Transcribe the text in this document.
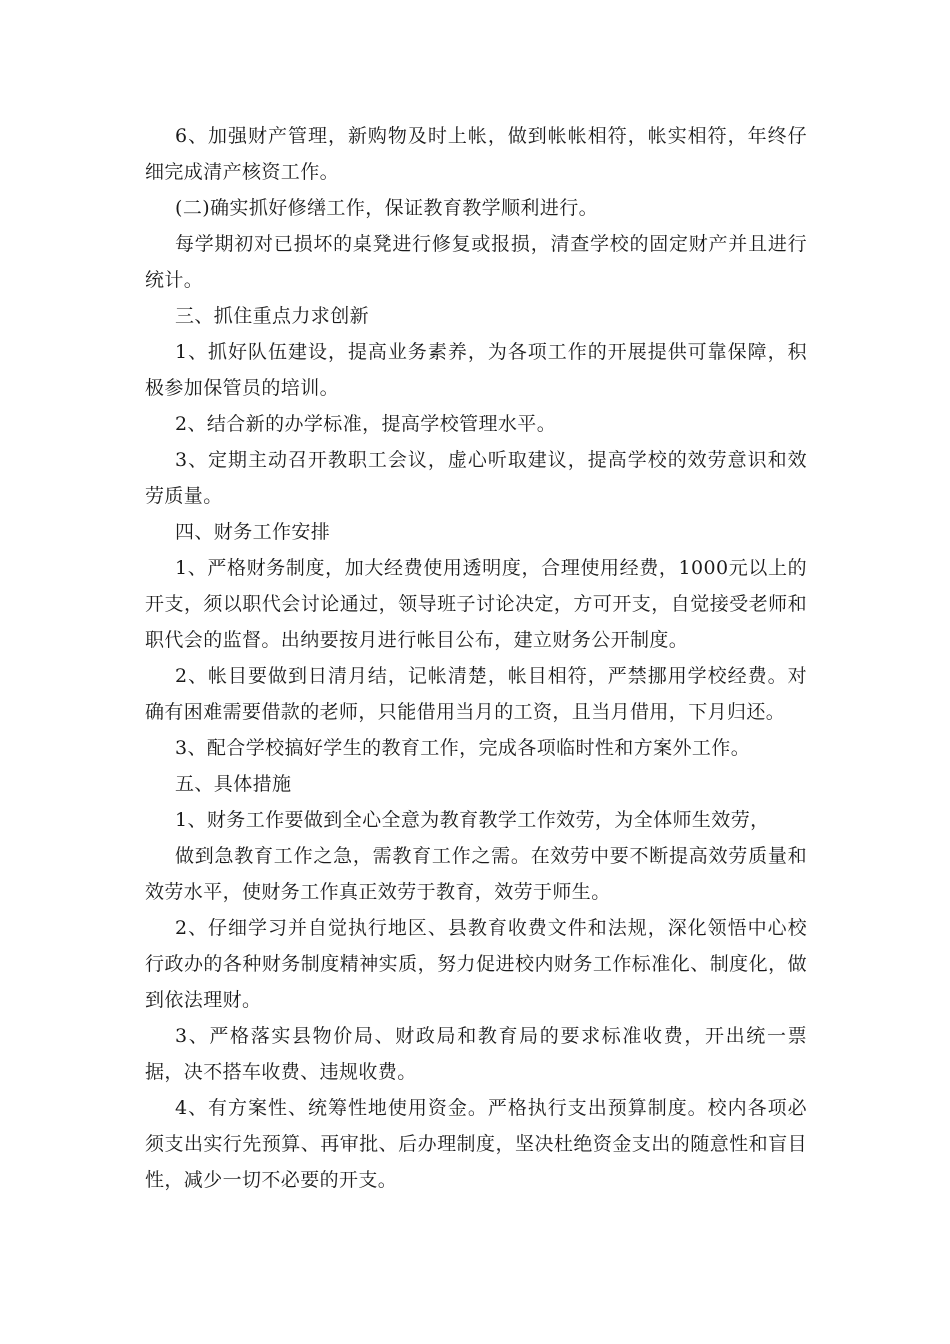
6、加强财产管理，新购物及时上帐，做到帐帐相符，帐实相符，年终仔细完成清产核资工作。

(二)确实抓好修缮工作，保证教育教学顺利进行。

每学期初对已损坏的桌凳进行修复或报损，清查学校的固定财产并且进行统计。

三、抓住重点力求创新

1、抓好队伍建设，提高业务素养，为各项工作的开展提供可靠保障，积极参加保管员的培训。

2、结合新的办学标准，提高学校管理水平。

3、定期主动召开教职工会议，虚心听取建议，提高学校的效劳意识和效劳质量。

四、财务工作安排

1、严格财务制度，加大经费使用透明度，合理使用经费，1000元以上的开支，须以职代会讨论通过，领导班子讨论决定，方可开支，自觉接受老师和职代会的监督。出纳要按月进行帐目公布，建立财务公开制度。

2、帐目要做到日清月结，记帐清楚，帐目相符，严禁挪用学校经费。对确有困难需要借款的老师，只能借用当月的工资，且当月借用，下月归还。

3、配合学校搞好学生的教育工作，完成各项临时性和方案外工作。

五、具体措施

1、财务工作要做到全心全意为教育教学工作效劳，为全体师生效劳，

做到急教育工作之急，需教育工作之需。在效劳中要不断提高效劳质量和效劳水平，使财务工作真正效劳于教育，效劳于师生。

2、仔细学习并自觉执行地区、县教育收费文件和法规，深化领悟中心校行政办的各种财务制度精神实质，努力促进校内财务工作标准化、制度化，做到依法理财。

3、严格落实县物价局、财政局和教育局的要求标准收费，开出统一票据，决不搭车收费、违规收费。

4、有方案性、统筹性地使用资金。严格执行支出预算制度。校内各项必须支出实行先预算、再审批、后办理制度，坚决杜绝资金支出的随意性和盲目性，减少一切不必要的开支。
